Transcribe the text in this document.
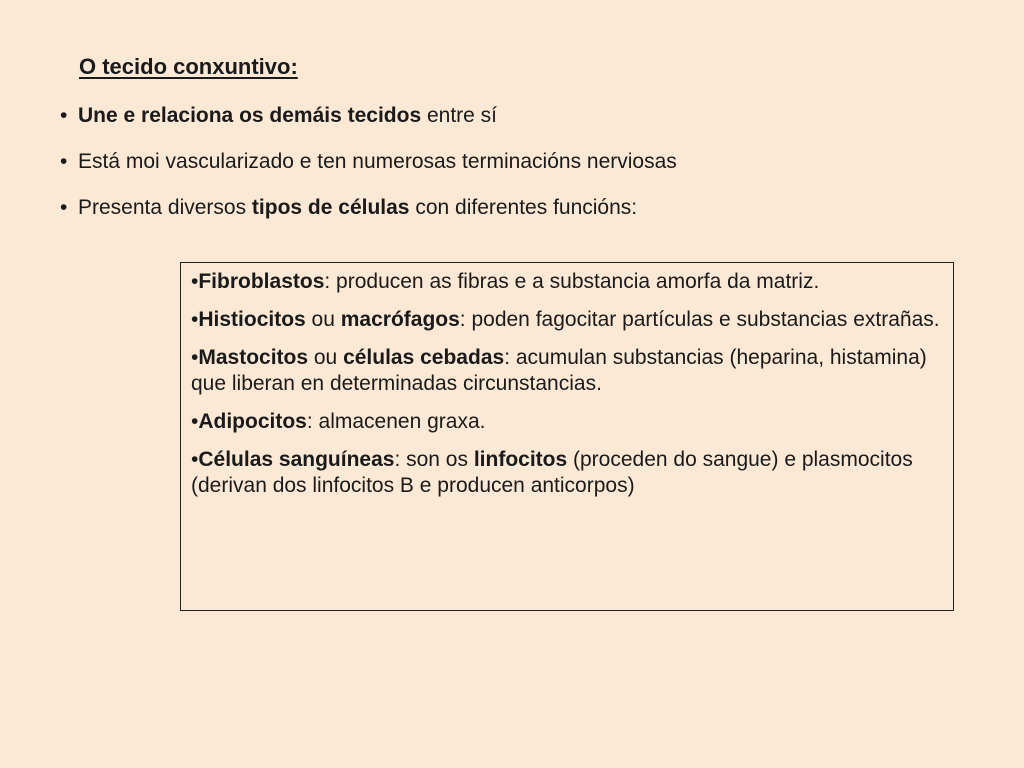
O tecido conxuntivo:
• Une e relaciona os demáis tecidos entre sí
• Está moi vascularizado e ten numerosas terminacións nerviosas
• Presenta diversos tipos de células con diferentes funcións:

•Fibroblastos: producen as fibras e a substancia amorfa da matriz.

•Histiocitos ou macrófagos: poden fagocitar partículas e substancias extrañas.

•Mastocitos ou células cebadas: acumulan substancias (heparina, histamina) que liberan en determinadas circunstancias.

•Adipocitos: almacenen graxa.

•Células sanguíneas: son os linfocitos (proceden do sangue) e plasmocitos (derivan dos linfocitos B e producen anticorpos)
